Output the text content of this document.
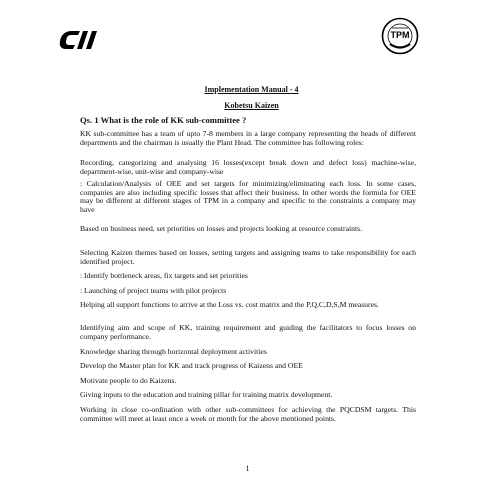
TPM
Implementation Manual - 4
Kobetsu Kaizen
Qs. 1 What is the role of KK sub-committee ?
KK sub-committee has a team of upto 7-8 members in a large company representing the heads of different departments and the chairman is usually the Plant Head. The committee has following roles:
Recording, categorizing and analysing 16 losses(except break down and defect loss) machine-wise, department-wise, unit-wise and company-wise
: Calculation/Analysis of OEE and set targets for minimizing/eliminating each loss. In some cases, companies are also including specific losses that affect their business. In other words the formula for OEE may be different at different stages of TPM in a company and specific to the constraints a company may have
Based on business need, set priorities on losses and projects looking at resource constraints.
Selecting Kaizen themes based on losses, setting targets and assigning teams to take responsibility for each identified project.
: Identify bottleneck areas, fix targets and set priorities
: Launching of project teams with pilot projects
Helping all support functions to arrive at the Loss vs. cost matrix and the P,Q,C,D,S,M measures.
Identifying aim and scope of KK, training requirement and guiding the facilitators to focus losses on company performance.
Knowledge sharing through horizontal deployment activities
Develop the Master plan for KK and track progress of Kaizens and OEE
Motivate people to do Kaizens.
Giving inputs to the education and training pillar for training matrix development.
Working in close co-ordination with other sub-committees for achieving the PQCDSM targets. This committee will meet at least once a week or month for the above mentioned points.
1
